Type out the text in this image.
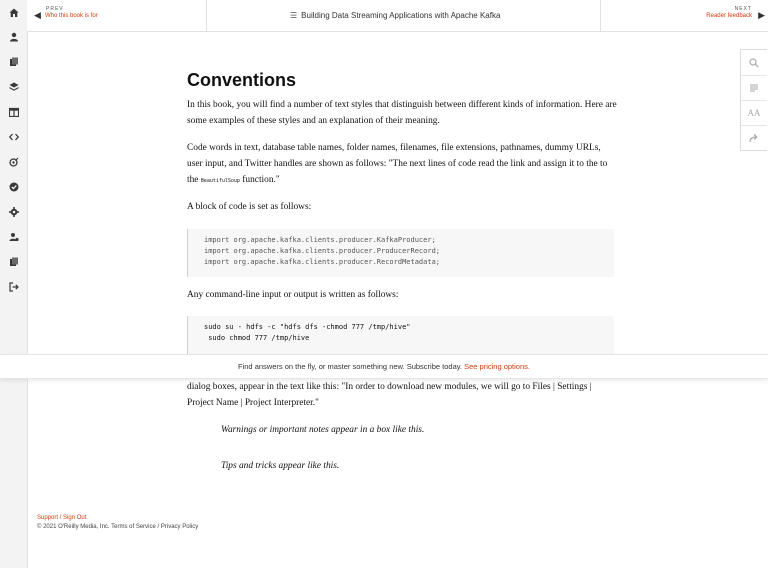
◀​
PREV
Who this book is for	☰ Building Data Streaming Applications with Apache Kafka
NEXT
Reader feedback ▶
AA
Conventions

In this book, you will find a number of text styles that distinguish between different kinds of information. Here are some examples of these styles and an explanation of their meaning.

Code words in text, database table names, folder names, filenames, file extensions, pathnames, dummy URLs, user input, and Twitter handles are shown as follows: "The next lines of code read the link and assign it to the to the BeautifulSoup function."

A block of code is set as follows:

import org.apache.kafka.clients.producer.KafkaProducer;
import org.apache.kafka.clients.producer.ProducerRecord;
import org.apache.kafka.clients.producer.RecordMetadata;

Any command-line input or output is written as follows:

sudo su - hdfs -c "hdfs dfs -chmod 777 /tmp/hive"
sudo chmod 777 /tmp/hive
Find answers on the fly, or master something new. Subscribe today. See pricing options.

dialog boxes, appear in the text like this: "In order to download new modules, we will go to Files | Settings | Project Name | Project Interpreter."

Warnings or important notes appear in a box like this.

Tips and tricks appear like this.

Support / Sign Out
© 2021 O'Reilly Media, Inc. Terms of Service / Privacy Policy
